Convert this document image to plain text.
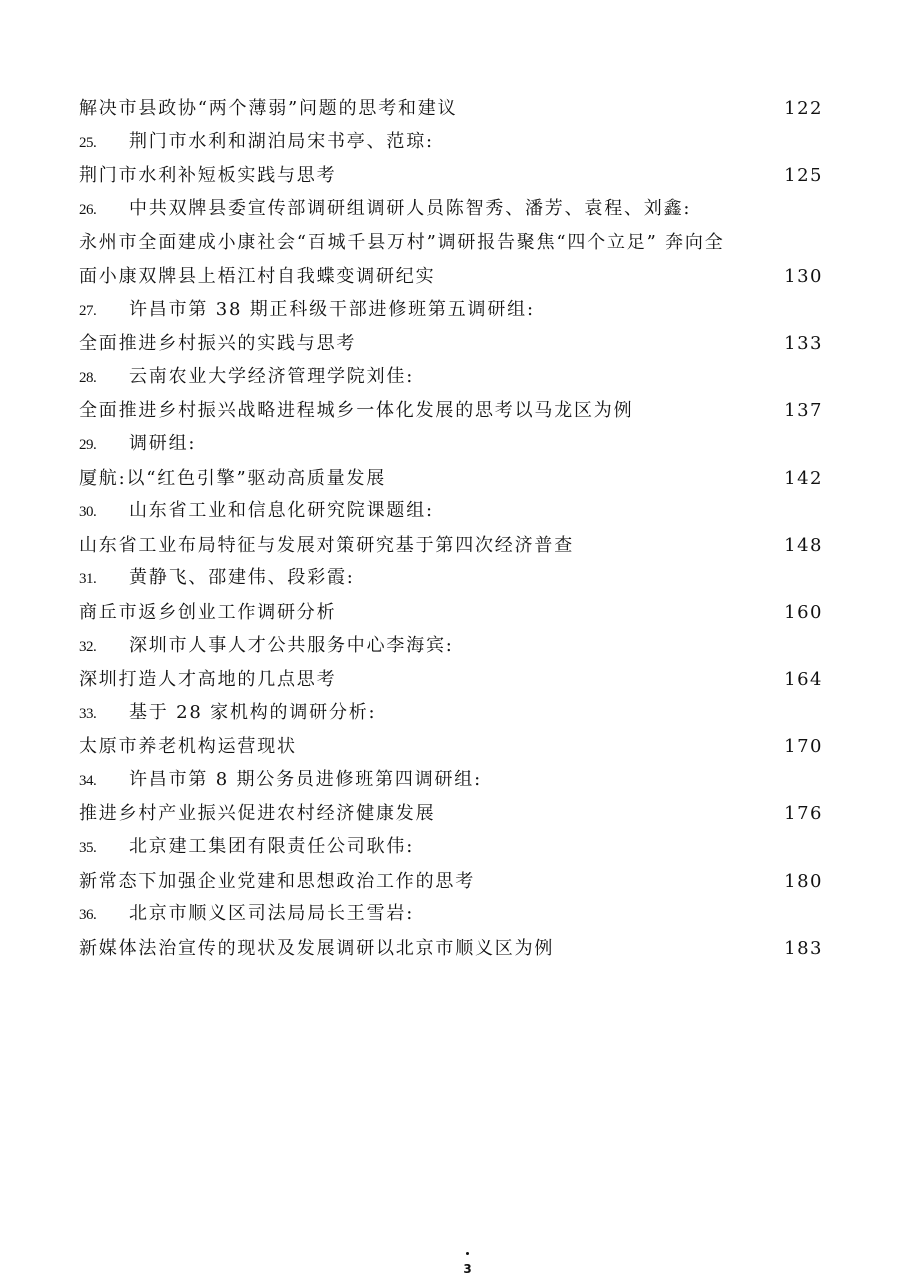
解决市县政协“两个薄弱”问题的思考和建议	122
25. 荆门市水利和湖泊局宋书亭、范琼:
荆门市水利补短板实践与思考	125
26. 中共双牌县委宣传部调研组调研人员陈智秀、潘芳、袁程、刘鑫:
永州市全面建成小康社会“百城千县万村”调研报告聚焦“四个立足” 奔向全
面小康双牌县上梧江村自我蝶变调研纪实	130
27. 许昌市第 38 期正科级干部进修班第五调研组:
全面推进乡村振兴的实践与思考	133
28. 云南农业大学经济管理学院刘佳:
全面推进乡村振兴战略进程城乡一体化发展的思考以马龙区为例	137
29. 调研组:
厦航:以“红色引擎”驱动高质量发展	142
30. 山东省工业和信息化研究院课题组:
山东省工业布局特征与发展对策研究基于第四次经济普查	148
31. 黄静飞、邵建伟、段彩霞:
商丘市返乡创业工作调研分析	160
32. 深圳市人事人才公共服务中心李海宾:
深圳打造人才高地的几点思考	164
33. 基于 28 家机构的调研分析:
太原市养老机构运营现状	170
34. 许昌市第 8 期公务员进修班第四调研组:
推进乡村产业振兴促进农村经济健康发展	176
35. 北京建工集团有限责任公司耿伟:
新常态下加强企业党建和思想政治工作的思考	180
36. 北京市顺义区司法局局长王雪岩:
新媒体法治宣传的现状及发展调研以北京市顺义区为例	183
3
